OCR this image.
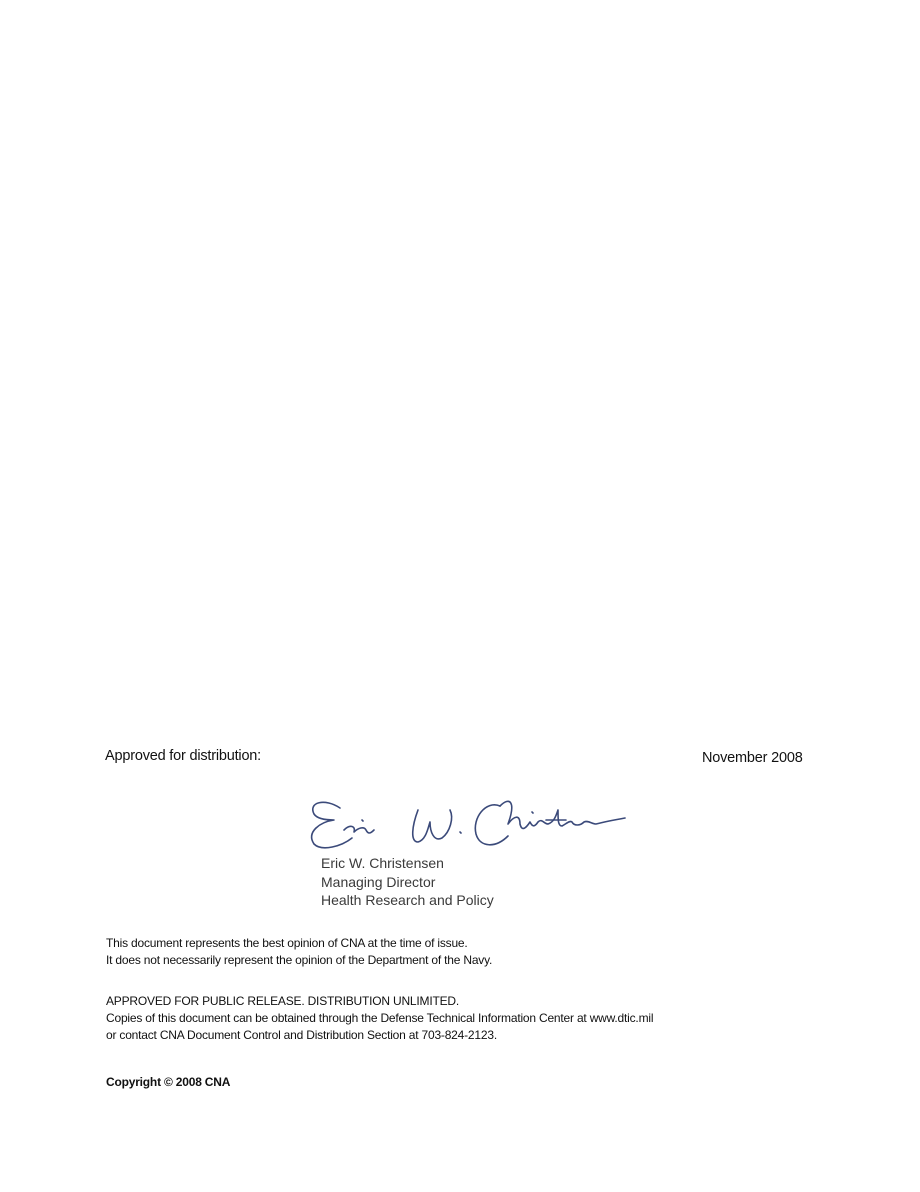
Approved for distribution:	November 2008

Eric W. Christensen

Managing Director

Health Research and Policy

This document represents the best opinion of CNA at the time of issue.

It does not necessarily represent the opinion of the Department of the Navy.

APPROVED FOR PUBLIC RELEASE. DISTRIBUTION UNLIMITED.

Copies of this document can be obtained through the Defense Technical Information Center at www.dtic.mil

or contact CNA Document Control and Distribution Section at 703-824-2123.

Copyright © 2008 CNA
